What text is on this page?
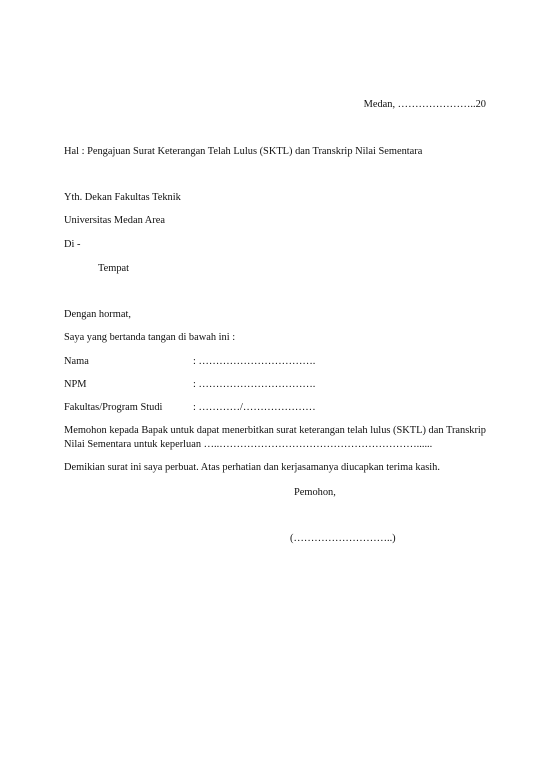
Medan, …………………..20
Hal : Pengajuan Surat Keterangan Telah Lulus (SKTL) dan Transkrip Nilai Sementara
Yth. Dekan Fakultas Teknik
Universitas Medan Area
Di -
Tempat
Dengan hormat,
Saya yang bertanda tangan di bawah ini :
Nama	: …………………………….
NPM	: …………………………….
Fakultas/Program Studi	: …………/…………………
Memohon kepada Bapak untuk dapat menerbitkan surat keterangan telah lulus (SKTL) dan Transkrip Nilai Sementara untuk keperluan …..…………………………………………………......
Demikian surat ini saya perbuat. Atas perhatian dan kerjasamanya diucapkan terima kasih.
Pemohon,
(………………………..)
